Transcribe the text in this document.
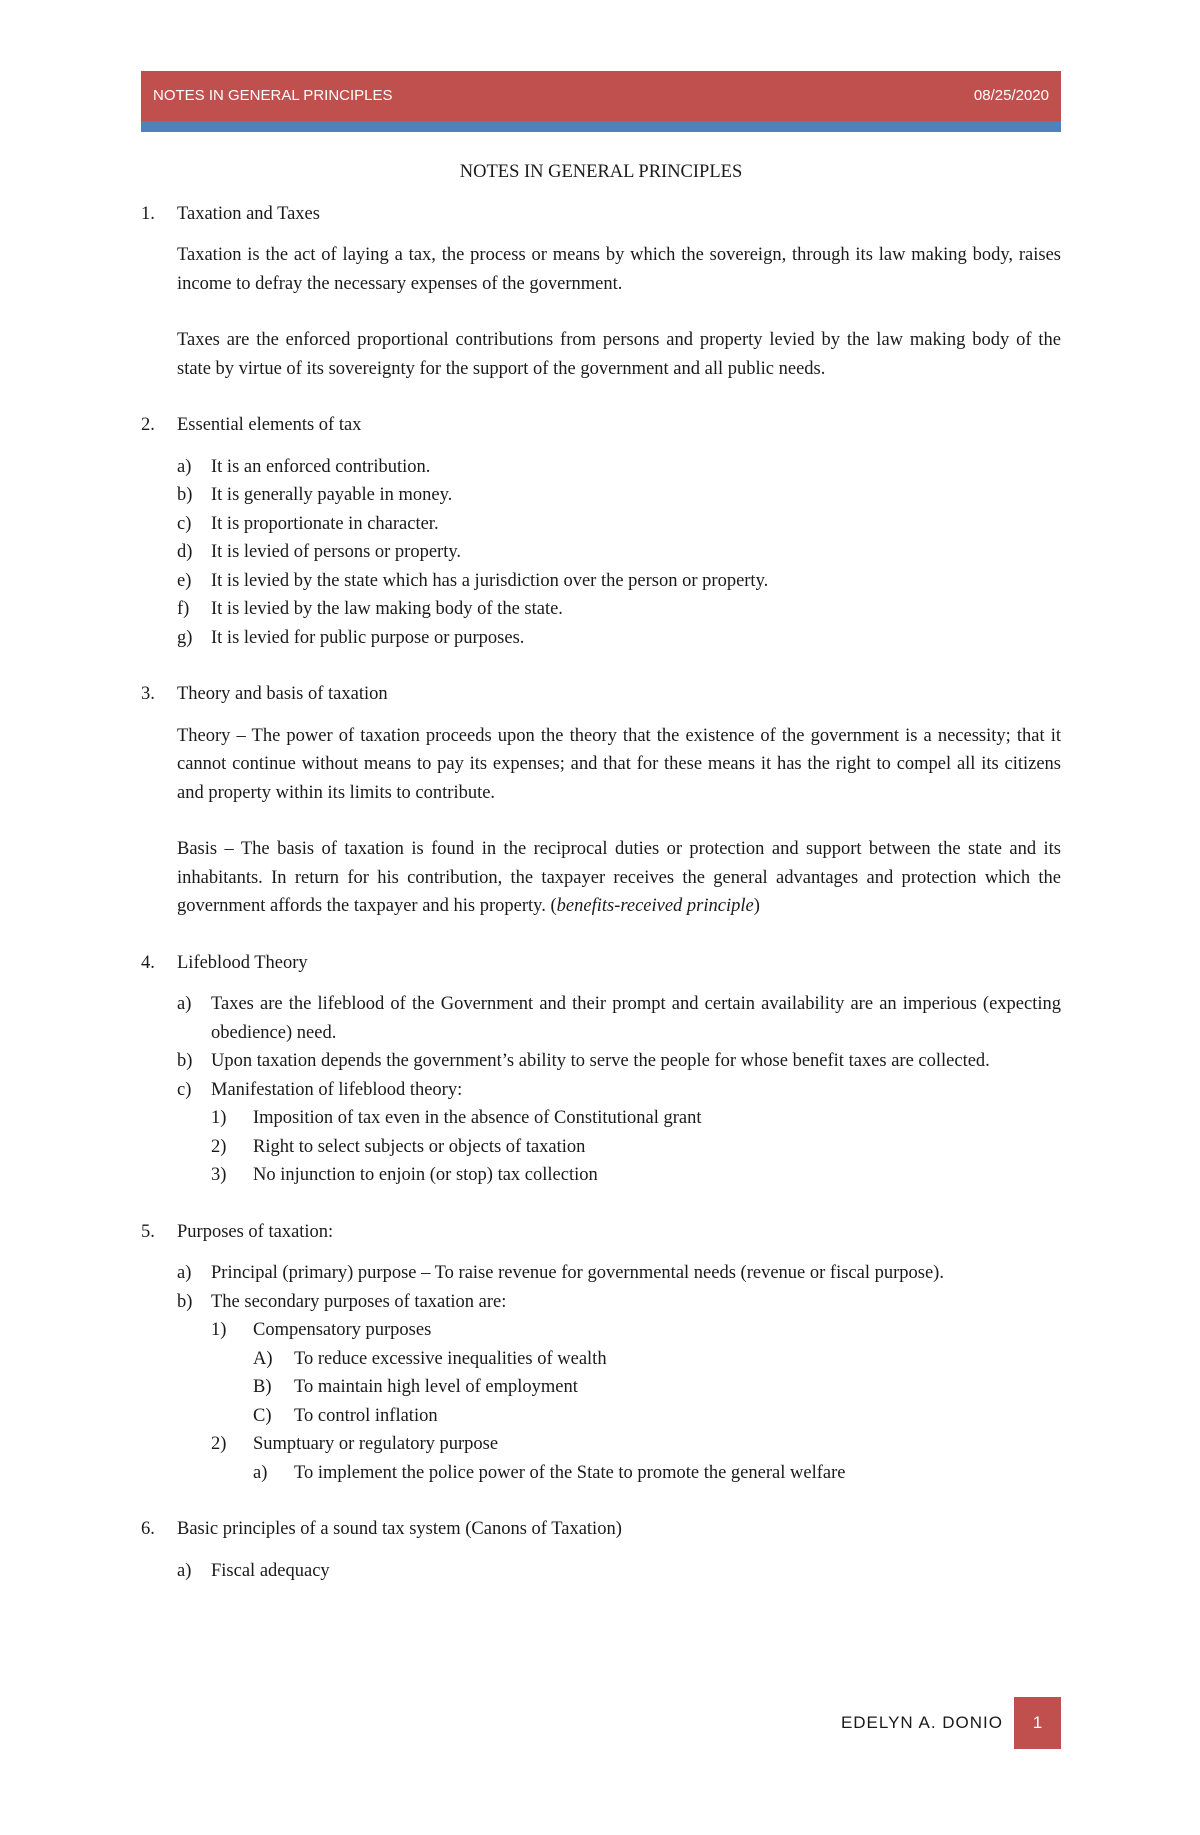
NOTES IN GENERAL PRINCIPLES	08/25/2020
NOTES IN GENERAL PRINCIPLES
1. Taxation and Taxes
Taxation is the act of laying a tax, the process or means by which the sovereign, through its law making body, raises income to defray the necessary expenses of the government.
Taxes are the enforced proportional contributions from persons and property levied by the law making body of the state by virtue of its sovereignty for the support of the government and all public needs.
2. Essential elements of tax
a) It is an enforced contribution.
b) It is generally payable in money.
c) It is proportionate in character.
d) It is levied of persons or property.
e) It is levied by the state which has a jurisdiction over the person or property.
f) It is levied by the law making body of the state.
g) It is levied for public purpose or purposes.
3. Theory and basis of taxation
Theory – The power of taxation proceeds upon the theory that the existence of the government is a necessity; that it cannot continue without means to pay its expenses; and that for these means it has the right to compel all its citizens and property within its limits to contribute.
Basis – The basis of taxation is found in the reciprocal duties or protection and support between the state and its inhabitants. In return for his contribution, the taxpayer receives the general advantages and protection which the government affords the taxpayer and his property. (benefits-received principle)
4. Lifeblood Theory
a) Taxes are the lifeblood of the Government and their prompt and certain availability are an imperious (expecting obedience) need.
b) Upon taxation depends the government’s ability to serve the people for whose benefit taxes are collected.
c) Manifestation of lifeblood theory:
1) Imposition of tax even in the absence of Constitutional grant
2) Right to select subjects or objects of taxation
3) No injunction to enjoin (or stop) tax collection
5. Purposes of taxation:
a) Principal (primary) purpose – To raise revenue for governmental needs (revenue or fiscal purpose).
b) The secondary purposes of taxation are:
1) Compensatory purposes
A) To reduce excessive inequalities of wealth
B) To maintain high level of employment
C) To control inflation
2) Sumptuary or regulatory purpose
a) To implement the police power of the State to promote the general welfare
6. Basic principles of a sound tax system (Canons of Taxation)
a) Fiscal adequacy
EDELYN A. DONIO	1
